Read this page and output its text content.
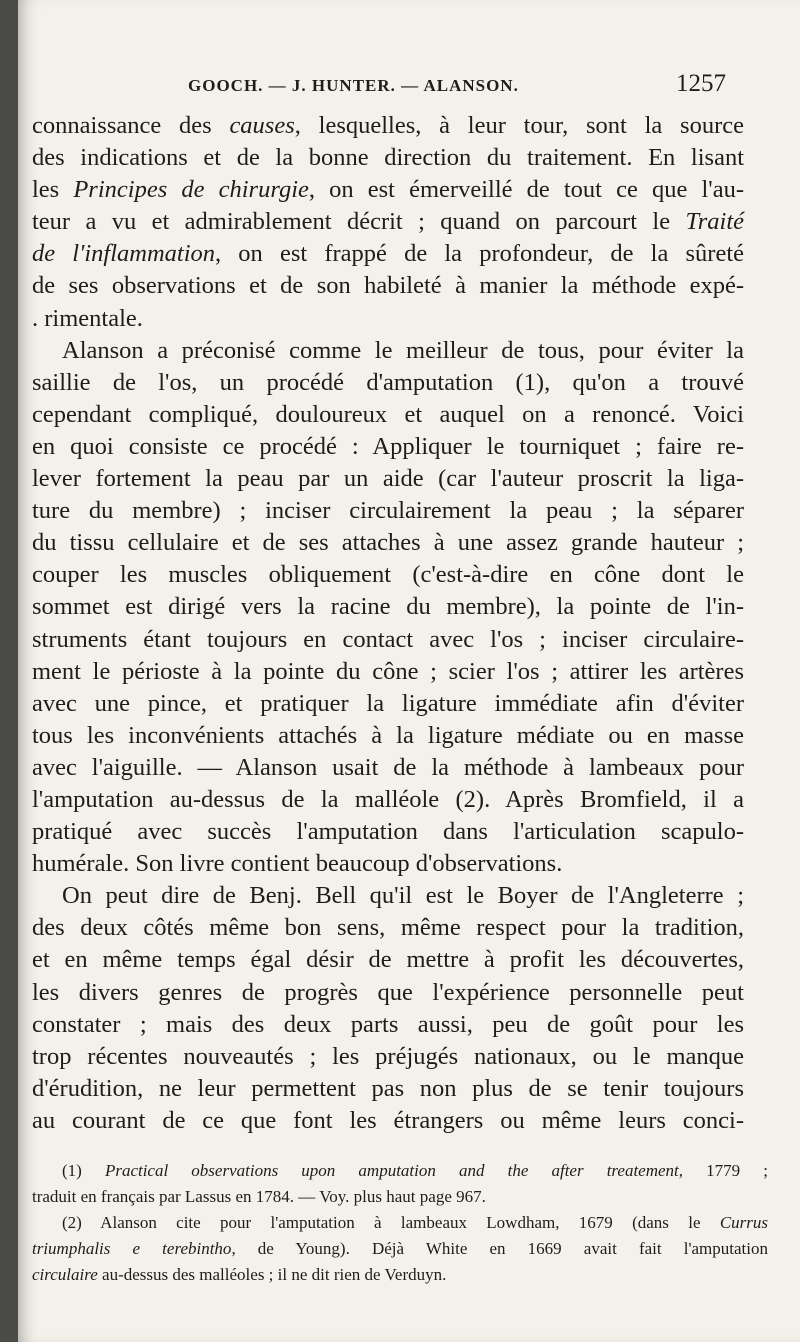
GOOCH. — J. HUNTER. — ALANSON.	1257
connaissance des causes, lesquelles, à leur tour, sont la source
des indications et de la bonne direction du traitement. En lisant
les Principes de chirurgie, on est émerveillé de tout ce que l'au-
teur a vu et admirablement décrit ; quand on parcourt le Traité
de l'inflammation, on est frappé de la profondeur, de la sûreté
de ses observations et de son habileté à manier la méthode expé-
. rimentale.
Alanson a préconisé comme le meilleur de tous, pour éviter la
saillie de l'os, un procédé d'amputation (1), qu'on a trouvé
cependant compliqué, douloureux et auquel on a renoncé. Voici
en quoi consiste ce procédé : Appliquer le tourniquet ; faire re-
lever fortement la peau par un aide (car l'auteur proscrit la liga-
ture du membre) ; inciser circulairement la peau ; la séparer
du tissu cellulaire et de ses attaches à une assez grande hauteur ;
couper les muscles obliquement (c'est-à-dire en cône dont le
sommet est dirigé vers la racine du membre), la pointe de l'in-
struments étant toujours en contact avec l'os ; inciser circulaire-
ment le périoste à la pointe du cône ; scier l'os ; attirer les artères
avec une pince, et pratiquer la ligature immédiate afin d'éviter
tous les inconvénients attachés à la ligature médiate ou en masse
avec l'aiguille. — Alanson usait de la méthode à lambeaux pour
l'amputation au-dessus de la malléole (2). Après Bromfield, il a
pratiqué avec succès l'amputation dans l'articulation scapulo-
humérale. Son livre contient beaucoup d'observations.
On peut dire de Benj. Bell qu'il est le Boyer de l'Angleterre ;
des deux côtés même bon sens, même respect pour la tradition,
et en même temps égal désir de mettre à profit les découvertes,
les divers genres de progrès que l'expérience personnelle peut
constater ; mais des deux parts aussi, peu de goût pour les
trop récentes nouveautés ; les préjugés nationaux, ou le manque
d'érudition, ne leur permettent pas non plus de se tenir toujours
au courant de ce que font les étrangers ou même leurs conci-
(1) Practical observations upon amputation and the after treatement, 1779 ;
traduit en français par Lassus en 1784. — Voy. plus haut page 967.
(2) Alanson cite pour l'amputation à lambeaux Lowdham, 1679 (dans le Currus
triumphalis e terebintho, de Young). Déjà White en 1669 avait fait l'amputation
circulaire au-dessus des malléoles ; il ne dit rien de Verduyn.
